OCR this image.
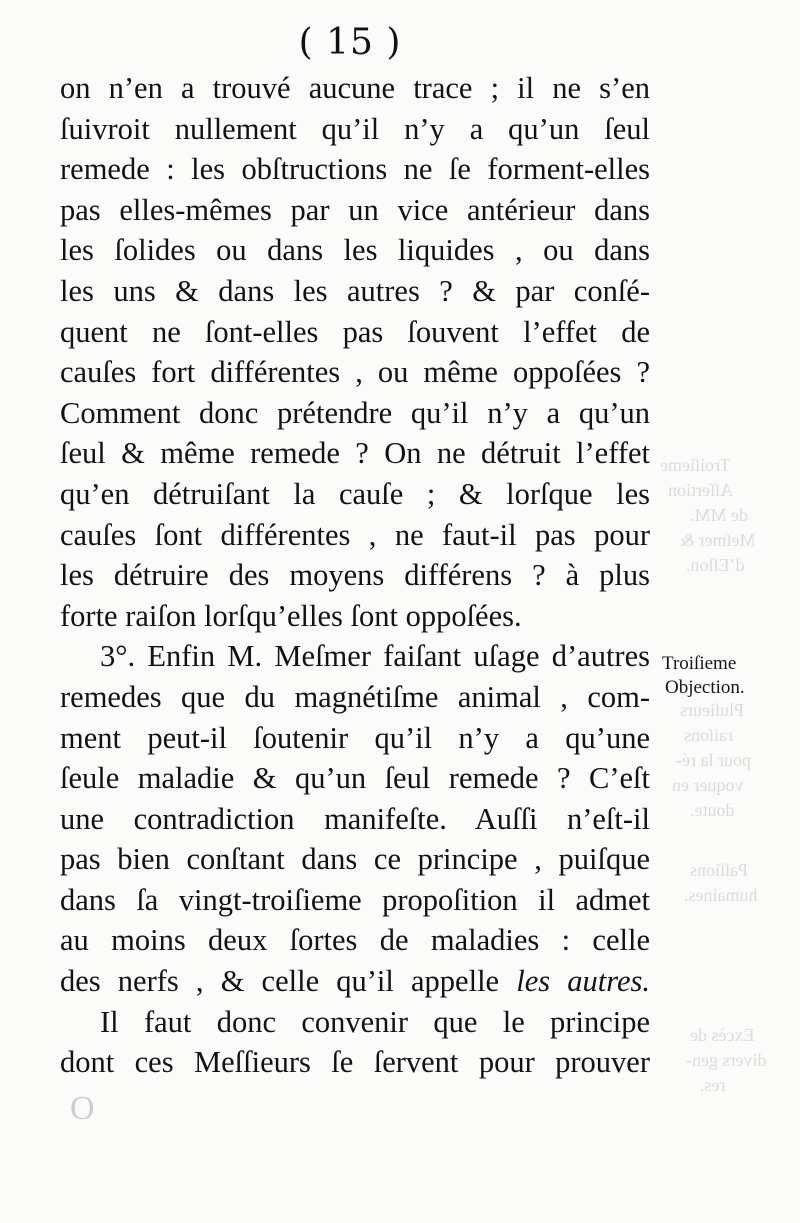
Troiſieme
Aſſertion
de MM.
Meſmer &
d’Eſlon.
Pluſieurs
raiſons
pour la ré-
voquer en
doute.
Paſſions
humaines.
Excès de
divers gen-
res.
O
( 15 )
on n’en a trouvé aucune trace ; il ne s’en
ſuivroit nullement qu’il n’y a qu’un ſeul
remede : les obſtructions ne ſe forment-elles
pas elles-mêmes par un vice antérieur dans
les ſolides ou dans les liquides , ou dans
les uns & dans les autres ? & par conſé-
quent ne ſont-elles pas ſouvent l’effet de
cauſes fort différentes , ou même oppoſées ?
Comment donc prétendre qu’il n’y a qu’un
ſeul & même remede ? On ne détruit l’effet
qu’en détruiſant la cauſe ; & lorſque les
cauſes ſont différentes , ne faut-il pas pour
les détruire des moyens différens ? à plus
forte raiſon lorſqu’elles ſont oppoſées.
3°. Enfin M. Meſmer faiſant uſage d’autres
remedes que du magnétiſme animal , com-
ment peut-il ſoutenir qu’il n’y a qu’une
ſeule maladie & qu’un ſeul remede ? C’eſt
une contradiction manifeſte. Auſſi n’eſt-il
pas bien conſtant dans ce principe , puiſque
dans ſa vingt-troiſieme propoſition il admet
au moins deux ſortes de maladies : celle
des nerfs , & celle qu’il appelle les autres.
Il faut donc convenir que le principe
dont ces Meſſieurs ſe ſervent pour prouver
Troiſieme
Objection.
